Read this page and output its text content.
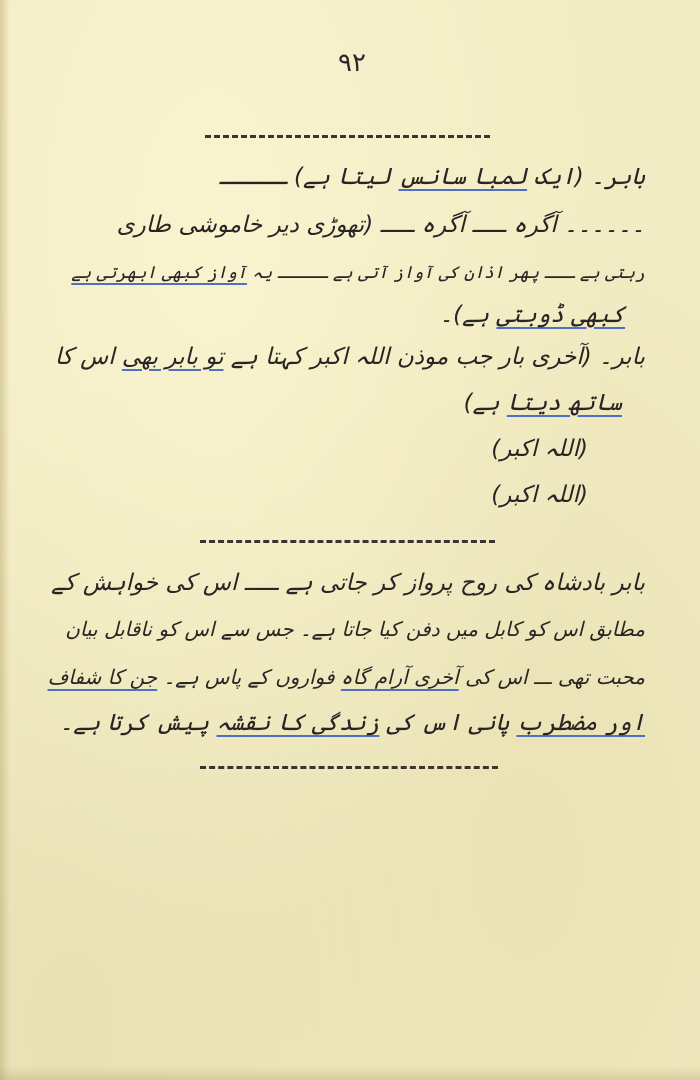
۹۲
بابر۔ (ایک لمبا سانس لیتا ہے) ـــــ
۔۔۔۔۔۔ آگرہ ـــــ آگرہ ـــــ (تھوڑی دیر خاموشی طاری
رہتی ہے ـــ پھر اذان کی آواز آتی ہے ـــــ یہ آواز کبھی ابھرتی ہے
کبھی ڈوبتی ہے)۔
بابر۔ (آخری بار جب موذن اللہ اکبر کہتا ہے تو بابر بھی اس کا
ساتھ دیتا ہے)
(اللہ اکبر)
(اللہ اکبر)
بابر بادشاہ کی روح پرواز کر جاتی ہے ـــــ اس کی خواہش کے
مطابق اس کو کابل میں دفن کیا جاتا ہے۔ جس سے اس کو ناقابل بیان
محبت تھی ـــ اس کی آخری آرام گاہ فواروں کے پاس ہے۔ جن کا شفاف
اور مضطرب پانی اس کی زندگی کا نقشہ پیش کرتا ہے۔
